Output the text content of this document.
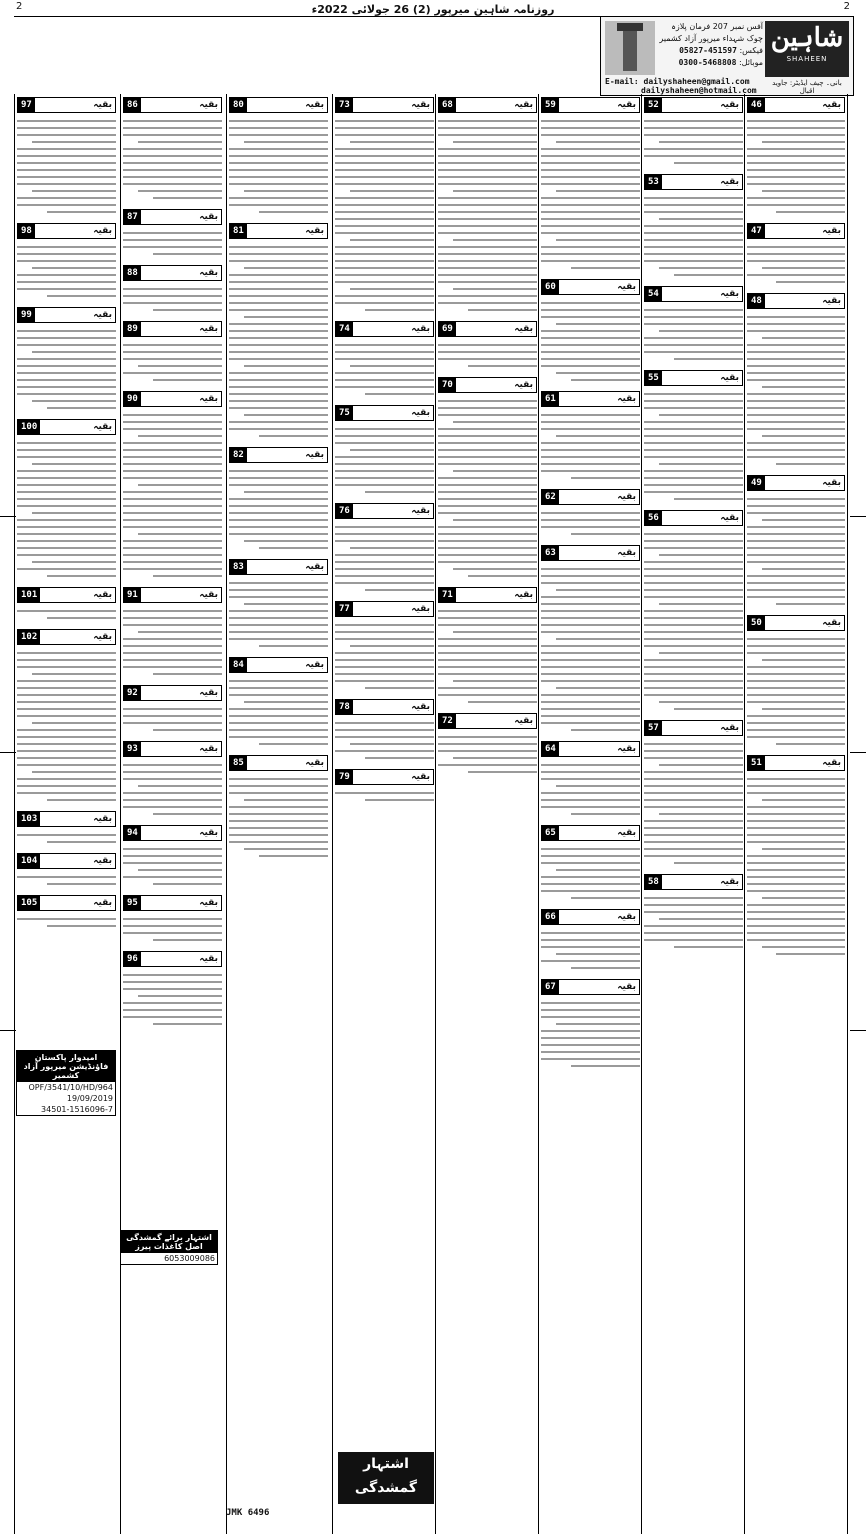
روزنامہ شاہین میرپور (2) 26 جولائی 2022ء
2	2
شاہین
SHAHEEN
بانی۔ چیف ایڈیٹر: جاوید اقبال
آفس نمبر 207 فرمان پلازہ چوک شہداء میرپور آزاد کشمیر
فیکس: 05827-451597
موبائل: 0300-5468808
E-mail: dailyshaheen@gmail.com
dailyshaheen@hotmail.com
بقیہ
46
بقیہ
47
بقیہ
48
بقیہ
49
بقیہ
50
بقیہ
51
بقیہ
52
بقیہ
53
بقیہ
54
بقیہ
55
بقیہ
56
بقیہ
57
بقیہ
58
بقیہ
59
بقیہ
60
بقیہ
61
بقیہ
62
بقیہ
63
بقیہ
64
بقیہ
65
بقیہ
66
بقیہ
67
بقیہ
68
بقیہ
69
بقیہ
70
بقیہ
71
بقیہ
72
بقیہ
73
بقیہ
74
بقیہ
75
بقیہ
76
بقیہ
77
بقیہ
78
بقیہ
79
بقیہ
80
بقیہ
81
بقیہ
82
بقیہ
83
بقیہ
84
بقیہ
85
بقیہ
86
بقیہ
87
بقیہ
88
بقیہ
89
بقیہ
90
بقیہ
91
بقیہ
92
بقیہ
93
بقیہ
94
بقیہ
95
بقیہ
96
بقیہ
97
بقیہ
98
بقیہ
99
بقیہ
100
بقیہ
101
بقیہ
102
بقیہ
103
بقیہ
104
بقیہ
105
امیدوار پاکستان فاؤنڈیشن میرپور آزاد کشمیر
OPF/3541/10/HD/964
19/09/2019
34501-1516096-7
اشتہار برائے گمشدگی اصل کاغذات پیرز
6053009086
اشتہار گمشدگی
کاغذات
JMK 6496
